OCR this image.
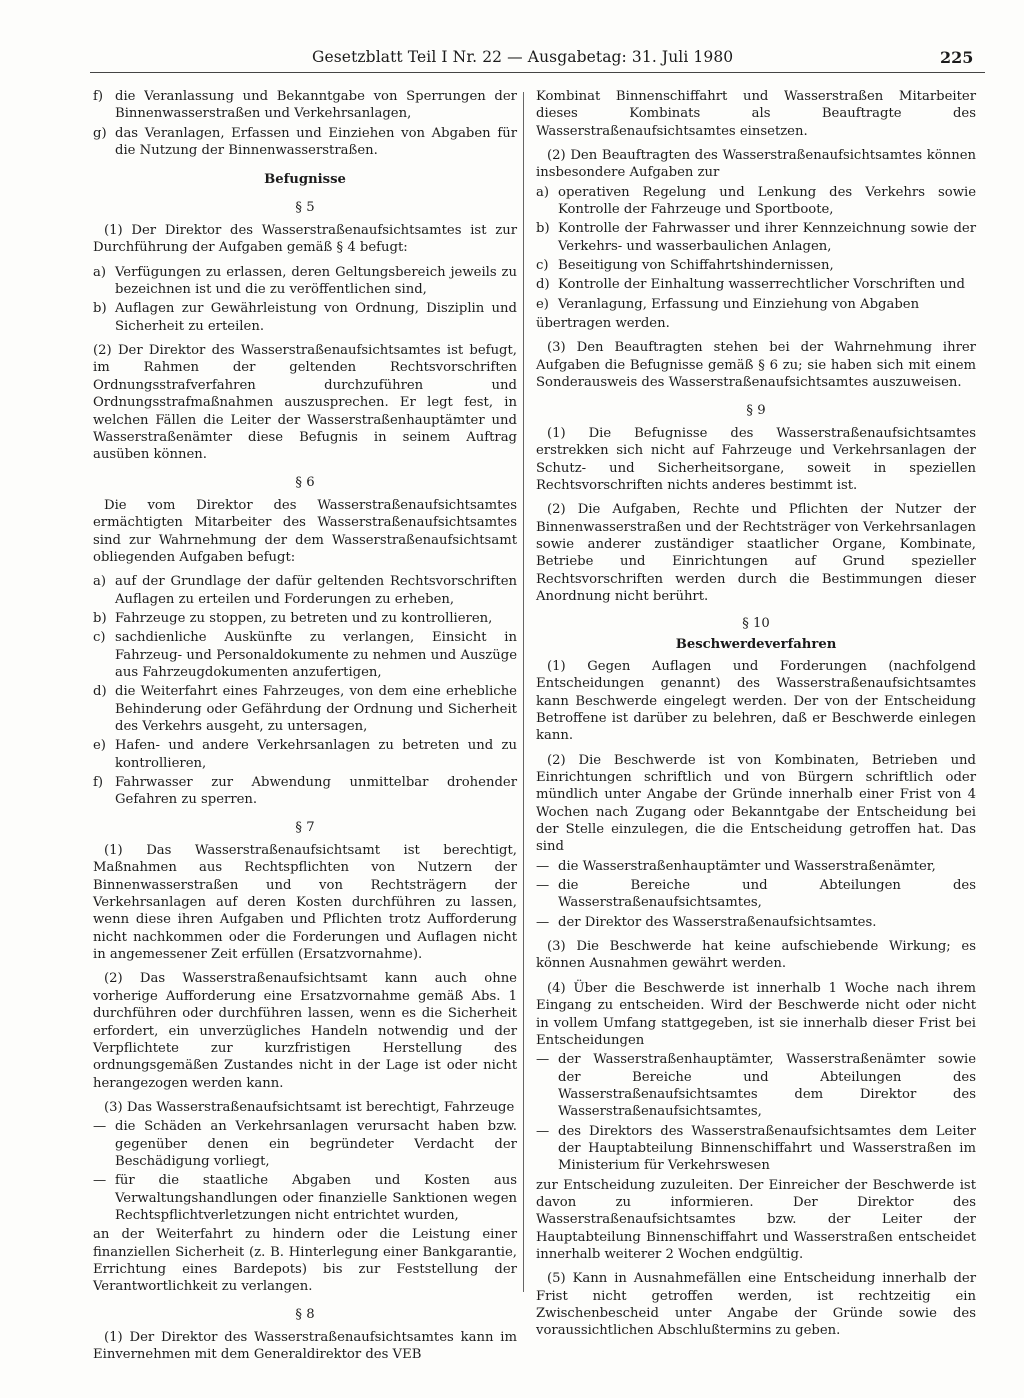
Gesetzblatt Teil I Nr. 22 — Ausgabetag: 31. Juli 1980	225
f) die Veranlassung und Bekanntgabe von Sperrungen der Binnenwasserstraßen und Verkehrsanlagen,
g) das Veranlagen, Erfassen und Einziehen von Abgaben für die Nutzung der Binnenwasserstraßen.
Befugnisse
§ 5

(1) Der Direktor des Wasserstraßenaufsichtsamtes ist zur Durchführung der Aufgaben gemäß § 4 befugt:

a) Verfügungen zu erlassen, deren Geltungsbereich jeweils zu bezeichnen ist und die zu veröffentlichen sind,
b) Auflagen zur Gewährleistung von Ordnung, Disziplin und Sicherheit zu erteilen.

(2) Der Direktor des Wasserstraßenaufsichtsamtes ist befugt, im Rahmen der geltenden Rechtsvorschriften Ordnungsstrafverfahren durchzuführen und Ordnungsstrafmaßnahmen auszusprechen. Er legt fest, in welchen Fällen die Leiter der Wasserstraßenhauptämter und Wasserstraßenämter diese Befugnis in seinem Auftrag ausüben können.

§ 6

Die vom Direktor des Wasserstraßenaufsichtsamtes ermächtigten Mitarbeiter des Wasserstraßenaufsichtsamtes sind zur Wahrnehmung der dem Wasserstraßenaufsichtsamt obliegenden Aufgaben befugt:

a) auf der Grundlage der dafür geltenden Rechtsvorschriften Auflagen zu erteilen und Forderungen zu erheben,
b) Fahrzeuge zu stoppen, zu betreten und zu kontrollieren,
c) sachdienliche Auskünfte zu verlangen, Einsicht in Fahrzeug- und Personaldokumente zu nehmen und Auszüge aus Fahrzeugdokumenten anzufertigen,
d) die Weiterfahrt eines Fahrzeuges, von dem eine erhebliche Behinderung oder Gefährdung der Ordnung und Sicherheit des Verkehrs ausgeht, zu untersagen,
e) Hafen- und andere Verkehrsanlagen zu betreten und zu kontrollieren,
f) Fahrwasser zur Abwendung unmittelbar drohender Gefahren zu sperren.
§ 7

(1) Das Wasserstraßenaufsichtsamt ist berechtigt, Maßnahmen aus Rechtspflichten von Nutzern der Binnenwasserstraßen und von Rechtsträgern der Verkehrsanlagen auf deren Kosten durchführen zu lassen, wenn diese ihren Aufgaben und Pflichten trotz Aufforderung nicht nachkommen oder die Forderungen und Auflagen nicht in angemessener Zeit erfüllen (Ersatzvornahme).

(2) Das Wasserstraßenaufsichtsamt kann auch ohne vorherige Aufforderung eine Ersatzvornahme gemäß Abs. 1 durchführen oder durchführen lassen, wenn es die Sicherheit erfordert, ein unverzügliches Handeln notwendig und der Verpflichtete zur kurzfristigen Herstellung des ordnungsgemäßen Zustandes nicht in der Lage ist oder nicht herangezogen werden kann.

(3) Das Wasserstraßenaufsichtsamt ist berechtigt, Fahrzeuge

— die Schäden an Verkehrsanlagen verursacht haben bzw. gegenüber denen ein begründeter Verdacht der Beschädigung vorliegt,
— für die staatliche Abgaben und Kosten aus Verwaltungshandlungen oder finanzielle Sanktionen wegen Rechtspflichtverletzungen nicht entrichtet wurden,

an der Weiterfahrt zu hindern oder die Leistung einer finanziellen Sicherheit (z. B. Hinterlegung einer Bankgarantie, Errichtung eines Bardepots) bis zur Feststellung der Verantwortlichkeit zu verlangen.

§ 8

(1) Der Direktor des Wasserstraßenaufsichtsamtes kann im Einvernehmen mit dem Generaldirektor des VEB

Kombinat Binnenschiffahrt und Wasserstraßen Mitarbeiter dieses Kombinats als Beauftragte des Wasserstraßenaufsichtsamtes einsetzen.

(2) Den Beauftragten des Wasserstraßenaufsichtsamtes können insbesondere Aufgaben zur

a) operativen Regelung und Lenkung des Verkehrs sowie Kontrolle der Fahrzeuge und Sportboote,
b) Kontrolle der Fahrwasser und ihrer Kennzeichnung sowie der Verkehrs- und wasserbaulichen Anlagen,
c) Beseitigung von Schiffahrtshindernissen,
d) Kontrolle der Einhaltung wasserrechtlicher Vorschriften und
e) Veranlagung, Erfassung und Einziehung von Abgaben

übertragen werden.

(3) Den Beauftragten stehen bei der Wahrnehmung ihrer Aufgaben die Befugnisse gemäß § 6 zu; sie haben sich mit einem Sonderausweis des Wasserstraßenaufsichtsamtes auszuweisen.

§ 9

(1) Die Befugnisse des Wasserstraßenaufsichtsamtes erstrekken sich nicht auf Fahrzeuge und Verkehrsanlagen der Schutz- und Sicherheitsorgane, soweit in speziellen Rechtsvorschriften nichts anderes bestimmt ist.

(2) Die Aufgaben, Rechte und Pflichten der Nutzer der Binnenwasserstraßen und der Rechtsträger von Verkehrsanlagen sowie anderer zuständiger staatlicher Organe, Kombinate, Betriebe und Einrichtungen auf Grund spezieller Rechtsvorschriften werden durch die Bestimmungen dieser Anordnung nicht berührt.

§ 10
Beschwerdeverfahren

(1) Gegen Auflagen und Forderungen (nachfolgend Entscheidungen genannt) des Wasserstraßenaufsichtsamtes kann Beschwerde eingelegt werden. Der von der Entscheidung Betroffene ist darüber zu belehren, daß er Beschwerde einlegen kann.

(2) Die Beschwerde ist von Kombinaten, Betrieben und Einrichtungen schriftlich und von Bürgern schriftlich oder mündlich unter Angabe der Gründe innerhalb einer Frist von 4 Wochen nach Zugang oder Bekanntgabe der Entscheidung bei der Stelle einzulegen, die die Entscheidung getroffen hat. Das sind

— die Wasserstraßenhauptämter und Wasserstraßenämter,
— die Bereiche und Abteilungen des Wasserstraßenaufsichtsamtes,
— der Direktor des Wasserstraßenaufsichtsamtes.

(3) Die Beschwerde hat keine aufschiebende Wirkung; es können Ausnahmen gewährt werden.

(4) Über die Beschwerde ist innerhalb 1 Woche nach ihrem Eingang zu entscheiden. Wird der Beschwerde nicht oder nicht in vollem Umfang stattgegeben, ist sie innerhalb dieser Frist bei Entscheidungen

— der Wasserstraßenhauptämter, Wasserstraßenämter sowie der Bereiche und Abteilungen des Wasserstraßenaufsichtsamtes dem Direktor des Wasserstraßenaufsichtsamtes,
— des Direktors des Wasserstraßenaufsichtsamtes dem Leiter der Hauptabteilung Binnenschiffahrt und Wasserstraßen im Ministerium für Verkehrswesen

zur Entscheidung zuzuleiten. Der Einreicher der Beschwerde ist davon zu informieren. Der Direktor des Wasserstraßenaufsichtsamtes bzw. der Leiter der Hauptabteilung Binnenschiffahrt und Wasserstraßen entscheidet innerhalb weiterer 2 Wochen endgültig.

(5) Kann in Ausnahmefällen eine Entscheidung innerhalb der Frist nicht getroffen werden, ist rechtzeitig ein Zwischenbescheid unter Angabe der Gründe sowie des voraussichtlichen Abschlußtermins zu geben.
